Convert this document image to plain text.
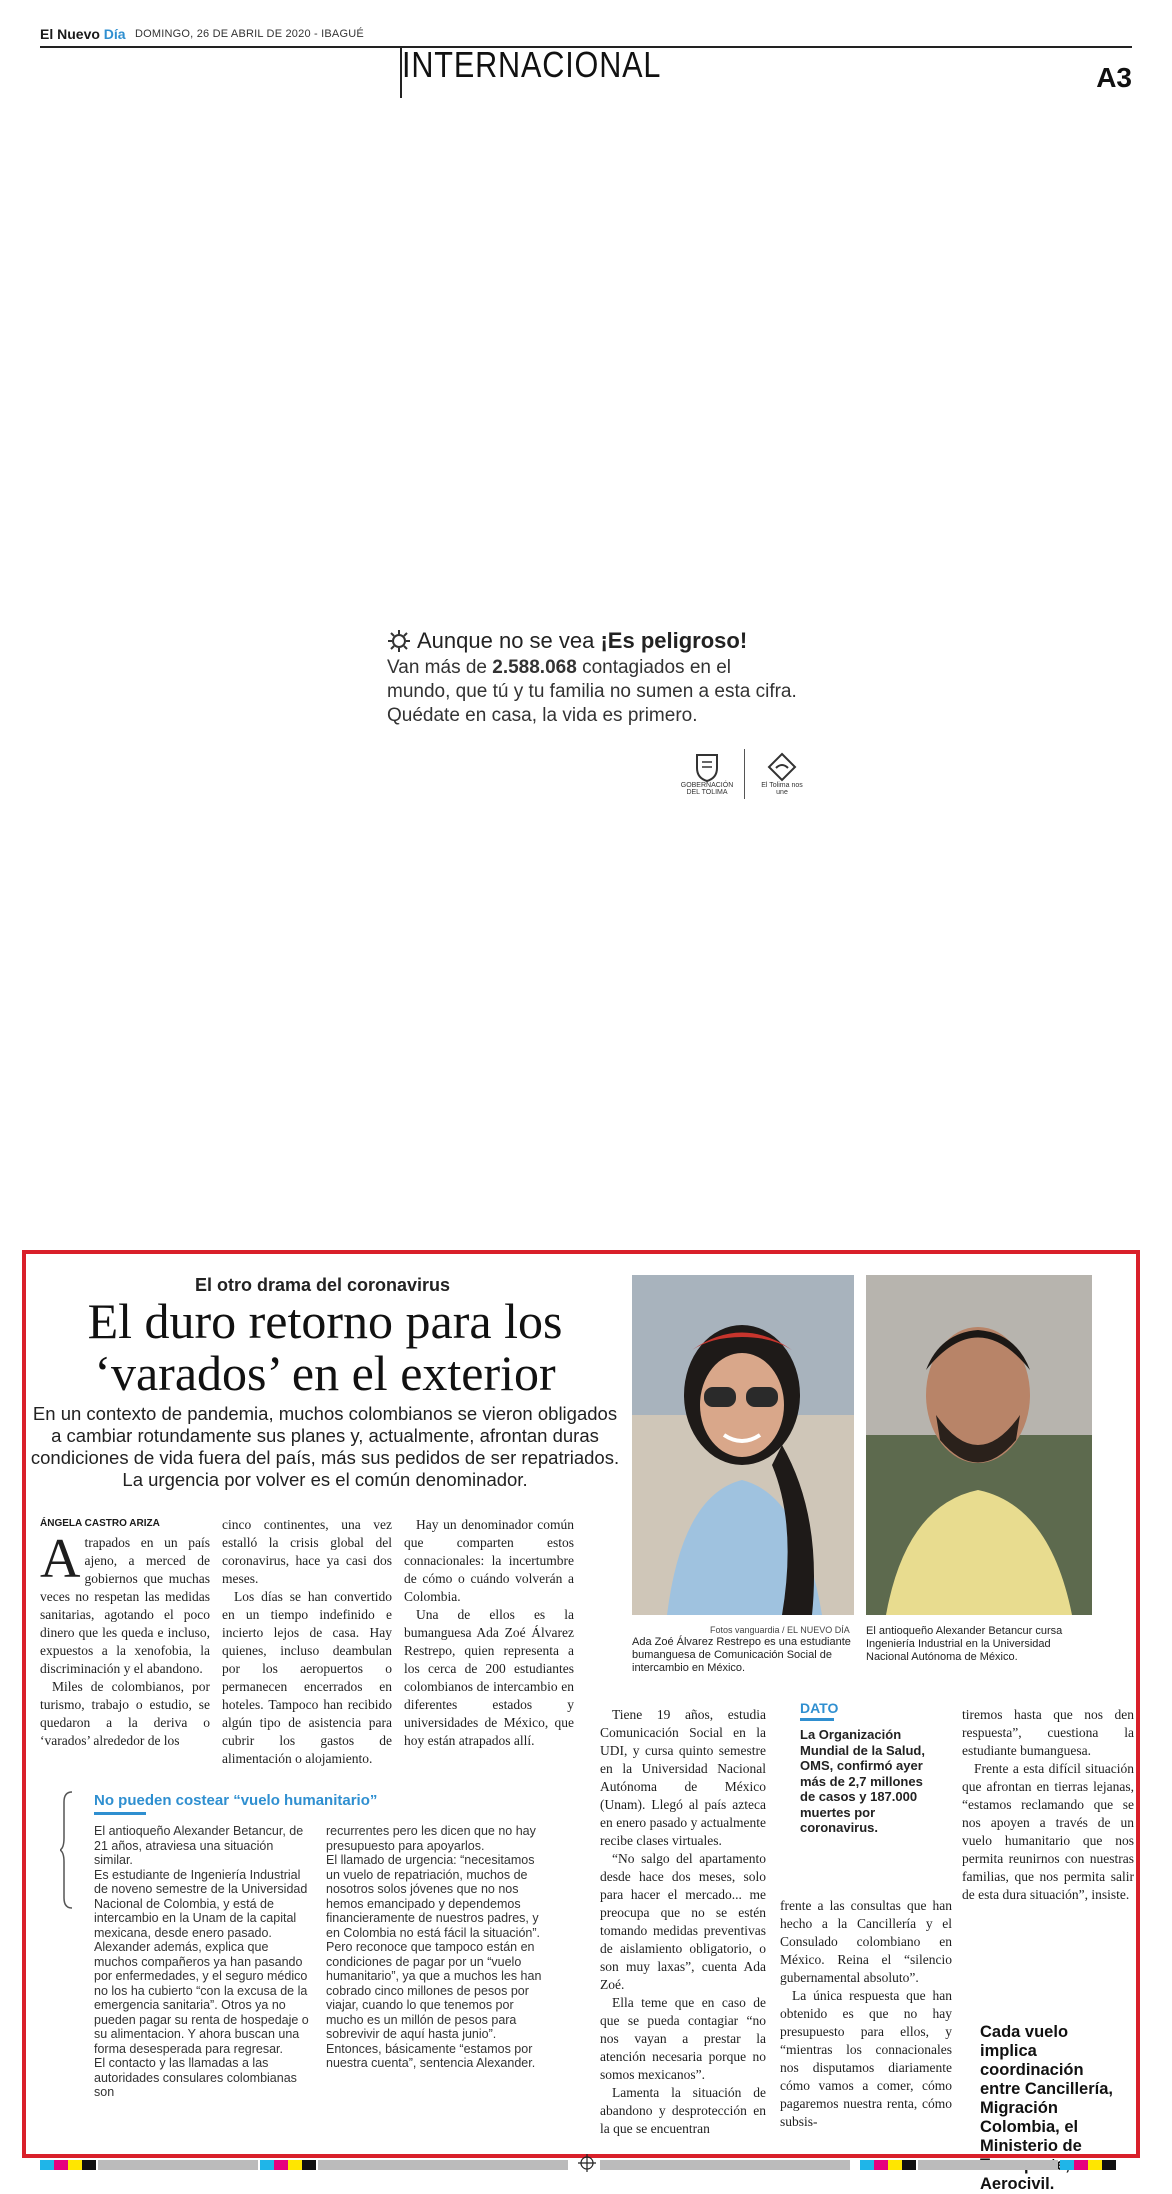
El Nuevo Día DOMINGO, 26 DE ABRIL DE 2020 - IBAGUÉ
INTERNACIONAL	A3
Aunque no se vea ¡Es peligroso!
Van más de 2.588.068 contagiados en el mundo, que tú y tu familia no sumen a esta cifra. Quédate en casa, la vida es primero.
GOBERNACIÓN DEL TOLIMA
El Tolima nos une
El otro drama del coronavirus
El duro retorno para los ‘varados’ en el exterior
En un contexto de pandemia, muchos colombianos se vieron obligados a cambiar rotundamente sus planes y, actualmente, afrontan duras condiciones de vida fuera del país, más sus pedidos de ser repatriados. La urgencia por volver es el común denominador.
ÁNGELA CASTRO ARIZA

Atrapados en un país ajeno, a merced de gobiernos que muchas veces no respetan las medidas sanitarias, agotando el poco dinero que les queda e incluso, expuestos a la xenofobia, la discriminación y el abandono.

Miles de colombianos, por turismo, trabajo o estudio, se quedaron a la deriva o ‘varados’ alrededor de los

cinco continentes, una vez estalló la crisis global del coronavirus, hace ya casi dos meses.

Los días se han convertido en un tiempo indefinido e incierto lejos de casa. Hay quienes, incluso deambulan por los aeropuertos o permanecen encerrados en hoteles. Tampoco han recibido algún tipo de asistencia para cubrir los gastos de alimentación o alojamiento.

Hay un denominador común que comparten estos connacionales: la incertumbre de cómo o cuándo volverán a Colombia.

Una de ellos es la bumanguesa Ada Zoé Álvarez Restrepo, quien representa a los cerca de 200 estudiantes colombianos de intercambio en diferentes estados y universidades de México, que hoy están atrapados allí.

Fotos vanguardia / EL NUEVO DÍA
Ada Zoé Álvarez Restrepo es una estudiante bumanguesa de Comunicación Social de intercambio en México.
El antioqueño Alexander Betancur cursa Ingeniería Industrial en la Universidad Nacional Autónoma de México.
No pueden costear “vuelo humanitario”

El antioqueño Alexander Betancur, de 21 años, atraviesa una situación similar.

Es estudiante de Ingeniería Industrial de noveno semestre de la Universidad Nacional de Colombia, y está de intercambio en la Unam de la capital mexicana, desde enero pasado.

Alexander además, explica que muchos compañeros ya han pasando por enfermedades, y el seguro médico no los ha cubierto “con la excusa de la emergencia sanitaria”. Otros ya no pueden pagar su renta de hospedaje o su alimentacion. Y ahora buscan una forma desesperada para regresar.

El contacto y las llamadas a las autoridades consulares colombianas son

recurrentes pero les dicen que no hay presupuesto para apoyarlos.

El llamado de urgencia: “necesitamos un vuelo de repatriación, muchos de nosotros solos jóvenes que no nos hemos emancipado y dependemos financieramente de nuestros padres, y en Colombia no está fácil la situación”.

Pero reconoce que tampoco están en condiciones de pagar por un “vuelo humanitario”, ya que a muchos les han cobrado cinco millones de pesos por viajar, cuando lo que tenemos por mucho es un millón de pesos para sobrevivir de aquí hasta junio”.

Entonces, básicamente “estamos por nuestra cuenta”, sentencia Alexander.

Tiene 19 años, estudia Comunicación Social en la UDI, y cursa quinto semestre en la Universidad Nacional Autónoma de México (Unam). Llegó al país azteca en enero pasado y actualmente recibe clases virtuales.

“No salgo del apartamento desde hace dos meses, solo para hacer el mercado... me preocupa que no se estén tomando medidas preventivas de aislamiento obligatorio, o son muy laxas”, cuenta Ada Zoé.

Ella teme que en caso de que se pueda contagiar “no nos vayan a prestar la atención necesaria porque no somos mexicanos”.

Lamenta la situación de abandono y desprotección en la que se encuentran

DATO
La Organización Mundial de la Salud, OMS, confirmó ayer más de 2,7 millones de casos y 187.000 muertes por coronavirus.

frente a las consultas que han hecho a la Cancillería y el Consulado colombiano en México. Reina el “silencio gubernamental absoluto”.

La única respuesta que han obtenido es que no hay presupuesto para ellos, y “mientras los connacionales nos disputamos diariamente cómo vamos a comer, cómo pagaremos nuestra renta, cómo subsis-

tiremos hasta que nos den respuesta”, cuestiona la estudiante bumanguesa.

Frente a esta difícil situación que afrontan en tierras lejanas, “estamos reclamando que se nos apoyen a través de un vuelo humanitario que nos permita reunirnos con nuestras familias, que nos permita salir de esta dura situación”, insiste.

Cada vuelo implica coordinación entre Cancillería, Migración Colombia, el Ministerio de Aerocivil.
